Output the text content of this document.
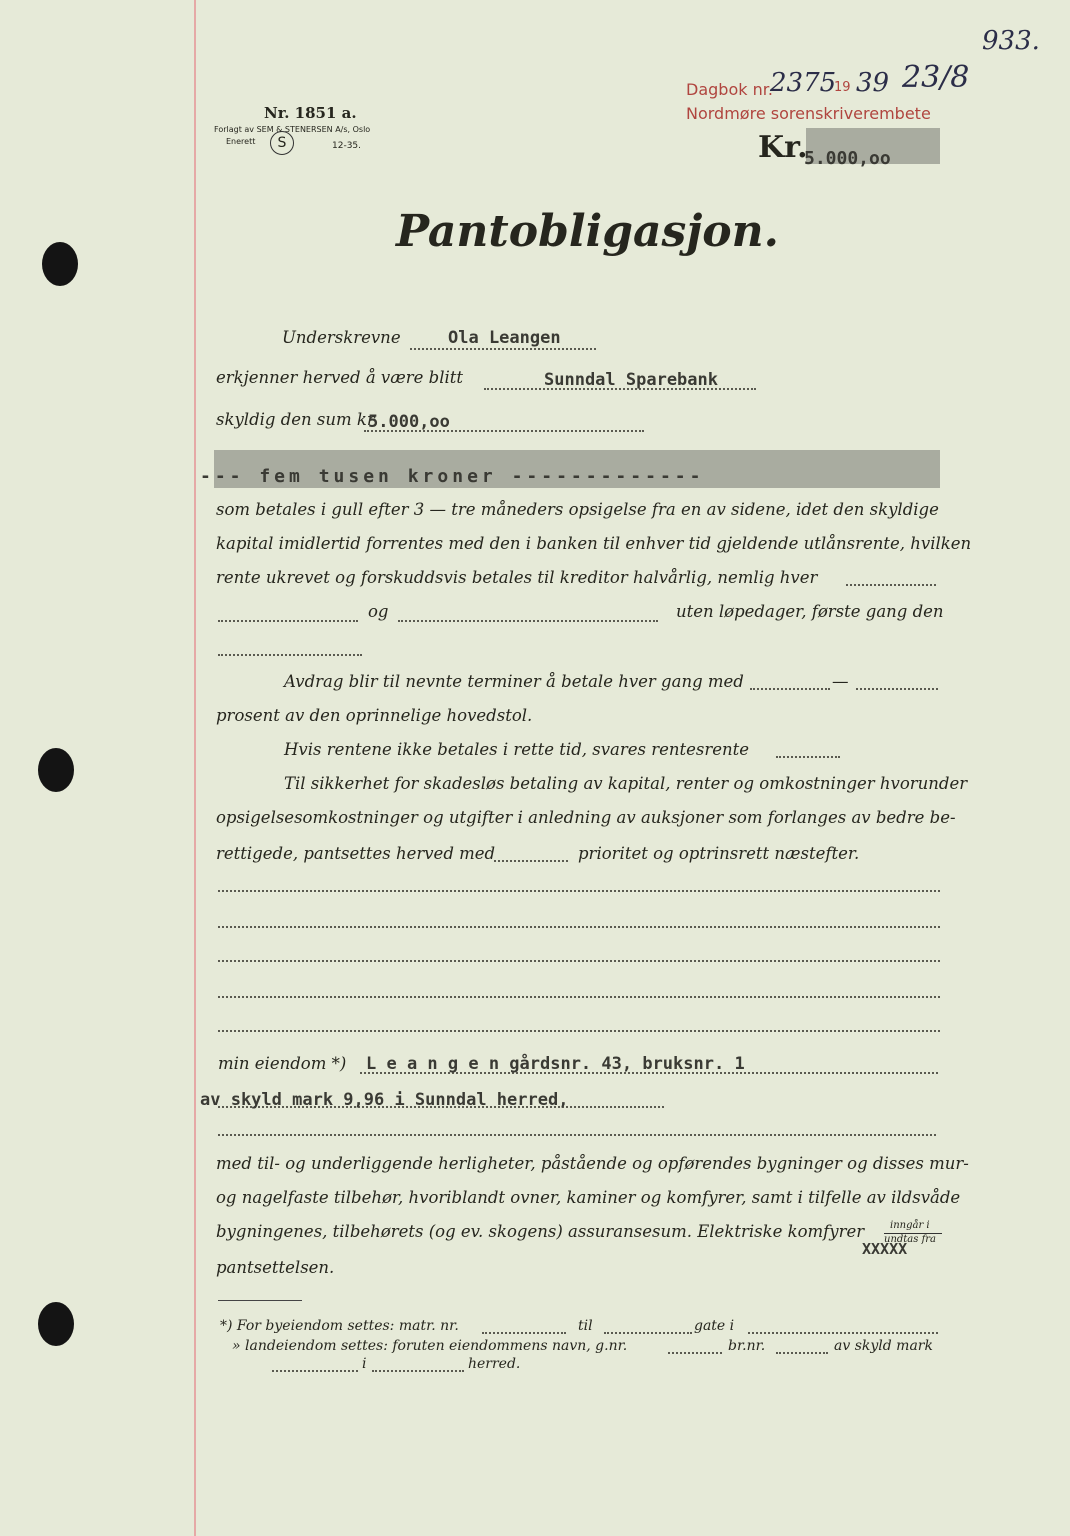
933.
Nr. 1851 a.
Forlagt av SEM & STENERSEN A/s, Oslo
Enerett	S	12-35.
Dagbok nr.
2375
19 39 23/8
Nordmøre sorenskriverembete
Kr.
5.000,oo
Pantobligasjon.
Underskrevne	Ola Leangen
erkjenner herved å være blitt	Sunndal Sparebank
skyldig den sum kr.
5.000,oo
--- fem tusen kroner -------------
som betales i gull efter 3 — tre måneders opsigelse fra en av sidene, idet den skyldige
kapital imidlertid forrentes med den i banken til enhver tid gjeldende utlånsrente, hvilken
rente ukrevet og forskuddsvis betales til kreditor halvårlig, nemlig hver
og	uten løpedager, første gang den
Avdrag blir til nevnte terminer å betale hver gang med	—
prosent av den oprinnelige hovedstol.
Hvis rentene ikke betales i rette tid, svares rentesrente
Til sikkerhet for skadesløs betaling av kapital, renter og omkostninger hvorunder
opsigelsesomkostninger og utgifter i anledning av auksjoner som forlanges av bedre be-
rettigede, pantsettes herved med	prioritet og optrinsrett næstefter.
min eiendom *) L e a n g e n gårdsnr. 43, bruksnr. 1
av skyld mark 9,96 i Sunndal herred,
med til- og underliggende herligheter, påstående og opførendes bygninger og disses mur-
og nagelfaste tilbehør, hvoriblandt ovner, kaminer og komfyrer, samt i tilfelle av ildsvåde
bygningenes, tilbehørets (og ev. skogens) assuransesum. Elektriske komfyrer	inngår i
undtas fra
XXXXX
pantsettelsen.
*) For byeiendom settes: matr. nr.	til	gate i
» landeiendom settes: foruten eiendommens navn, g.nr.	br.nr.	av skyld mark
i	herred.
